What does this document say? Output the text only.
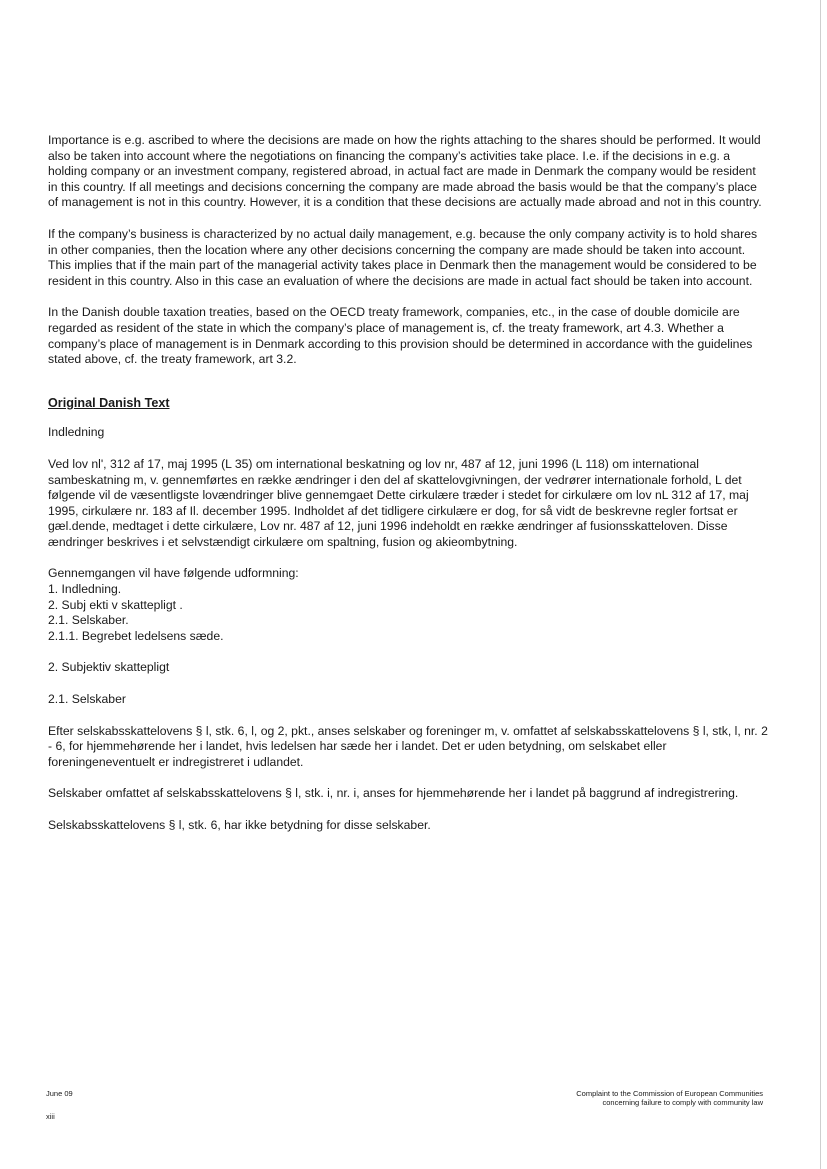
Importance is e.g. ascribed to where the decisions are made on how the rights attaching to the shares should be performed. It would also be taken into account where the negotiations on financing the company’s activities take place. I.e. if the decisions in e.g. a holding company or an investment company, registered abroad, in actual fact are made in Denmark the company would be resident in this country. If all meetings and decisions concerning the company are made abroad the basis would be that the company’s place of management is not in this country. However, it is a condition that these decisions are actually made abroad and not in this country.

If the company’s business is characterized by no actual daily management, e.g. because the only company activity is to hold shares in other companies, then the location where any other decisions concerning the company are made should be taken into account. This implies that if the main part of the managerial activity takes place in Denmark then the management would be considered to be resident in this country. Also in this case an evaluation of where the decisions are made in actual fact should be taken into account.

In the Danish double taxation treaties, based on the OECD treaty framework, companies, etc., in the case of double domicile are regarded as resident of the state in which the company’s place of management is, cf. the treaty framework, art 4.3. Whether a company’s place of management is in Denmark according to this provision should be determined in accordance with the guidelines stated above, cf. the treaty framework, art 3.2.

Original Danish Text

Indledning

Ved lov nl', 312 af 17, maj 1995 (L 35) om international beskatning og lov nr, 487 af 12, juni 1996 (L 118) om international sambeskatning m, v. gennemførtes en række ændringer i den del af skattelovgivningen, der vedrører internationale forhold, L det følgende vil de væsentligste lovændringer blive gennemgaet Dette cirkulære træder i stedet for cirkulære om lov nL 312 af 17, maj 1995, cirkulære nr. 183 af Il. december 1995. Indholdet af det tidligere cirkulære er dog, for så vidt de beskrevne regler fortsat er gæl.dende, medtaget i dette cirkulære, Lov nr. 487 af 12, juni 1996 indeholdt en række ændringer af fusionsskatteloven. Disse ændringer beskrives i et selvstændigt cirkulære om spaltning, fusion og akieombytning.

Gennemgangen vil have følgende udformning:

1. Indledning.
2. Subj ekti v skattepligt .
2.1. Selskaber.
2.1.1. Begrebet ledelsens sæde.

2. Subjektiv skattepligt

2.1. Selskaber

Efter selskabsskattelovens § l, stk. 6, l, og 2, pkt., anses selskaber og foreninger m, v. omfattet af selskabsskattelovens § l, stk, l, nr. 2 - 6, for hjemmehørende her i landet, hvis ledelsen har sæde her i landet. Det er uden betydning, om selskabet eller foreningeneventuelt er indregistreret i udlandet.

Selskaber omfattet af selskabsskattelovens § l, stk. i, nr. i, anses for hjemmehørende her i landet på baggrund af indregistrering.

Selskabsskattelovens § l, stk. 6, har ikke betydning for disse selskaber.

June 09
xiii
Complaint to the Commission of European Communities
concerning failure to comply with community law
